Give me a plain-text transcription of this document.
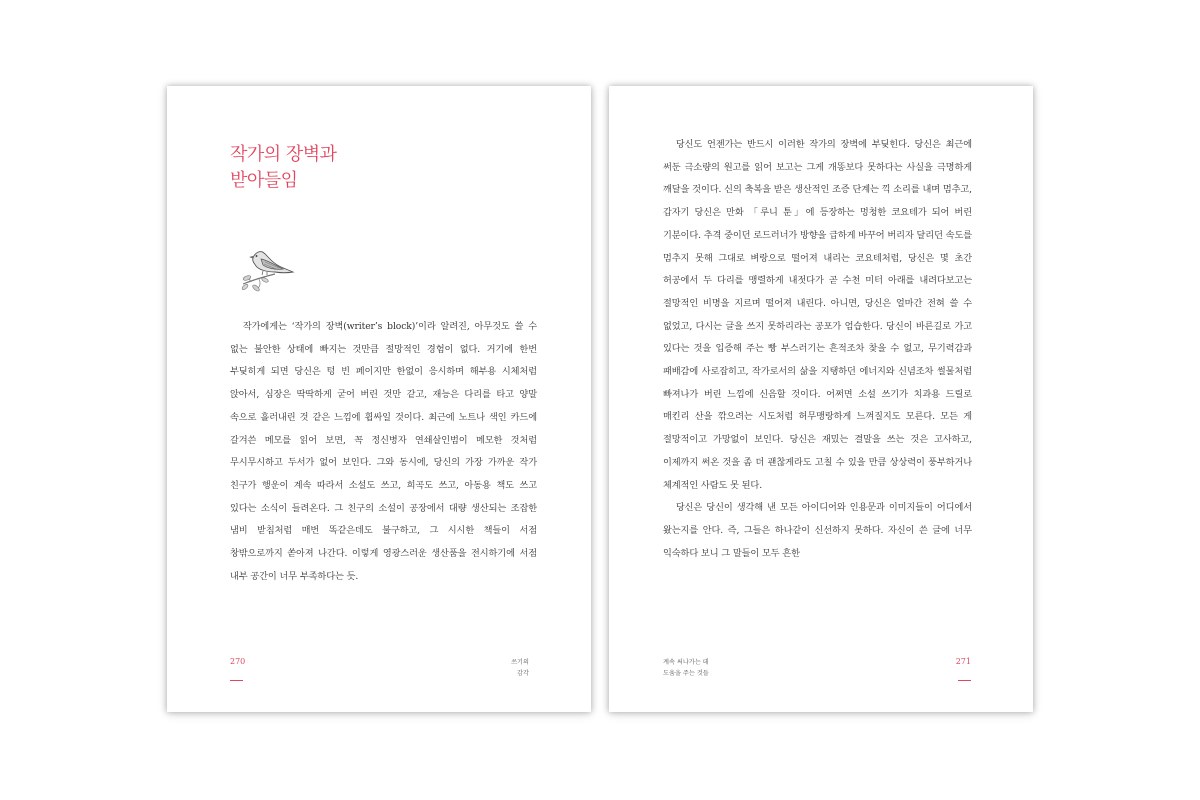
작가의 장벽과
받아들임

작가에게는 ‘작가의 장벽(writer’s block)’이라 알려진, 아무것도 쓸 수 없는 불안한 상태에 빠지는 것만큼 절망적인 경험이 없다. 거기에 한번 부딪히게 되면 당신은 텅 빈 페이지만 한없이 응시하며 해부용 시체처럼 앉아서, 심장은 딱딱하게 굳어 버린 것만 같고, 재능은 다리를 타고 양말 속으로 흘러내린 것 같은 느낌에 휩싸일 것이다. 최근에 노트나 색인 카드에 갈겨쓴 메모를 읽어 보면, 꼭 정신병자 연쇄살인범이 메모한 것처럼 무시무시하고 두서가 없어 보인다. 그와 동시에, 당신의 가장 가까운 작가 친구가 행운이 계속 따라서 소설도 쓰고, 희곡도 쓰고, 아동용 책도 쓰고 있다는 소식이 들려온다. 그 친구의 소설이 공장에서 대량 생산되는 조잡한 냄비 받침처럼 매번 똑같은데도 불구하고, 그 시시한 책들이 서점 창밖으로까지 쏟아져 나간다. 이렇게 영광스러운 생산품을 전시하기에 서점 내부 공간이 너무 부족하다는 듯.

270	쓰기의
감각

당신도 언젠가는 반드시 이러한 작가의 장벽에 부딪힌다. 당신은 최근에 써둔 극소량의 원고를 읽어 보고는 그게 개똥보다 못하다는 사실을 극명하게 깨달을 것이다. 신의 축복을 받은 생산적인 조증 단계는 끽 소리를 내며 멈추고, 갑자기 당신은 만화 「루니 툰」에 등장하는 멍청한 코요테가 되어 버린 기분이다. 추격 중이던 로드러너가 방향을 급하게 바꾸어 버리자 달리던 속도를 멈추지 못해 그대로 벼랑으로 떨어져 내리는 코요테처럼, 당신은 몇 초간 허공에서 두 다리를 맹렬하게 내젓다가 곧 수천 미터 아래를 내려다보고는 절망적인 비명을 지르며 떨어져 내린다. 아니면, 당신은 얼마간 전혀 쓸 수 없었고, 다시는 글을 쓰지 못하리라는 공포가 엄습한다. 당신이 바른길로 가고 있다는 것을 입증해 주는 빵 부스러기는 흔적조차 찾을 수 없고, 무기력감과 패배감에 사로잡히고, 작가로서의 삶을 지탱하던 에너지와 신념조차 썰물처럼 빠져나가 버린 느낌에 신음할 것이다. 어쩌면 소설 쓰기가 치과용 드릴로 매킨리 산을 깎으려는 시도처럼 허무맹랑하게 느껴질지도 모른다. 모든 게 절망적이고 가망없이 보인다. 당신은 재밌는 결말을 쓰는 것은 고사하고, 이제까지 써온 것을 좀 더 괜찮게라도 고칠 수 있을 만큼 상상력이 풍부하거나 체계적인 사람도 못 된다.

당신은 당신이 생각해 낸 모든 아이디어와 인용문과 이미지들이 어디에서 왔는지를 안다. 즉, 그들은 하나같이 신선하지 못하다. 자신이 쓴 글에 너무 익숙하다 보니 그 말들이 모두 흔한

계속 써나가는 데
도움을 주는 것들
271
